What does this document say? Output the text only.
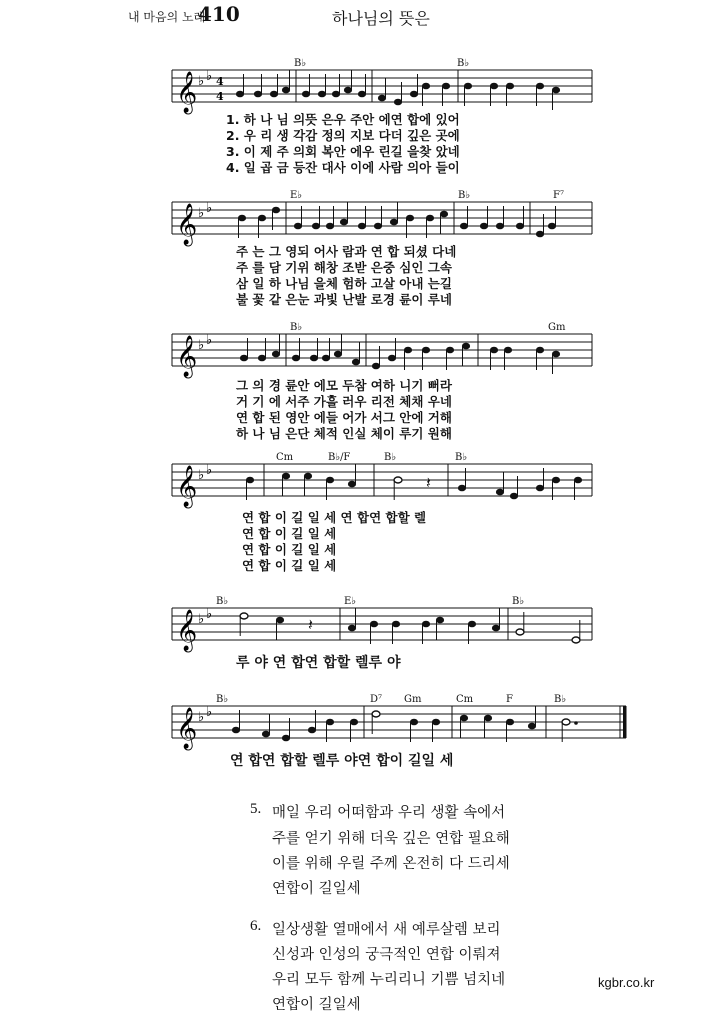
내 마음의 노래
410	하나님의 뜻은
𝄞 ♭ ♭ 4
4
B♭	B♭
1. 하 나 님 의뜻 은우 주안 에연 합에 있어
2. 우 리 생 각감 정의 지보 다더 깊은 곳에
3. 이 제 주 의회 복안 에우 린길 을찾 았네
4. 일 곱 금 등잔 대사 이에 사람 의아 들이
𝄞 ♭ ♭
E♭	B♭	F⁷
주 는 그 영되 어사 람과 연 합 되셨 다네
주 를 담 기위 해창 조받 은중 심인 그속
삼 일 하 나님 을체 험하 고살 아내 는길
불 꽃 같 은눈 과빛 난발 로경 륜이 루네
𝄞 ♭ ♭
B♭	Gm
그 의 경 륜안 에모 두참 여하 니기 뻐라
거 기 에 서주 가흘 러우 리전 체채 우네
연 합 된 영안 에들 어가 서그 안에 거해
하 나 님 은단 체적 인실 체이 루기 원해
𝄞 ♭ ♭
𝄽
Cm	B♭/F	B♭	B♭
연 합 이 길 일 세 연 합연 합할 렐
연 합 이 길 일 세
연 합 이 길 일 세
연 합 이 길 일 세
𝄞 ♭ ♭
𝄽
B♭	E♭	B♭
루 야 연 합연 합할 렐루 야
𝄞 ♭ ♭
B♭	D⁷ Gm	Cm	F	B♭
연 합연 합할 렐루 야연 합이 길일 세
5. 매일 우리 어떠함과 우리 생활 속에서
주를 얻기 위해 더욱 깊은 연합 필요해
이를 위해 우릴 주께 온전히 다 드리세
연합이 길일세
6. 일상생활 열매에서 새 예루살렘 보리
신성과 인성의 궁극적인 연합 이뤄져
우리 모두 함께 누리리니 기쁨 넘치네
연합이 길일세
kgbr.co.kr
